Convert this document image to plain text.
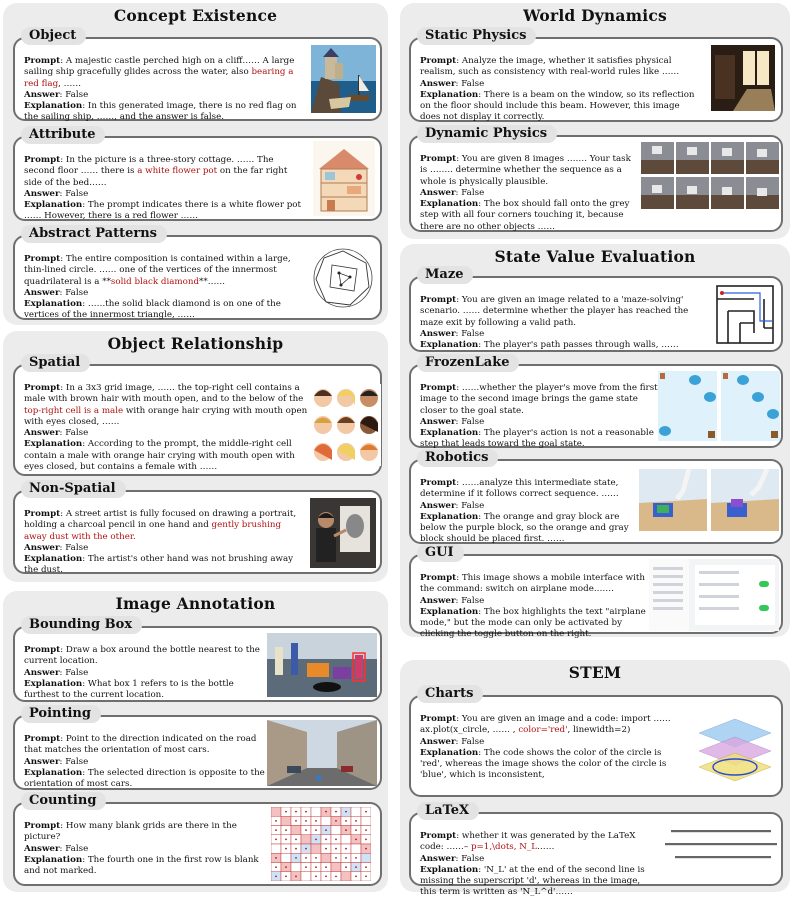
Concept Existence
Object
Prompt: A majestic castle perched high on a cliff…… A large sailing ship gracefully glides across the water, also bearing a red flag, ……
Answer: False
Explanation: In this generated image, there is no red flag on the sailing ship, ……, and the answer is false.
Attribute
Prompt: In the picture is a three-story cottage. …… The second floor …… there is a white flower pot on the far right side of the bed……
Answer: False
Explanation: The prompt indicates there is a white flower pot …… However, there is a red flower ……
Abstract Patterns
Prompt: The entire composition is contained within a large, thin-lined circle. …… one of the vertices of the innermost quadrilateral is a **solid black diamond**……
Answer: False
Explanation: ……the solid black diamond is on one of the vertices of the innermost triangle, ……
Object Relationship
Spatial
Prompt: In a 3x3 grid image, …… the top-right cell contains a male with brown hair with mouth open, and to the below of the top-right cell is a male with orange hair crying with mouth open with eyes closed, ……
Answer: False
Explanation: According to the prompt, the middle-right cell contain a male with orange hair crying with mouth open with eyes closed, but contains a female with ……
Non-Spatial
Prompt: A street artist is fully focused on drawing a portrait, holding a charcoal pencil in one hand and gently brushing away dust with the other.
Answer: False
Explanation: The artist's other hand was not brushing away the dust.
Image Annotation
Bounding Box
Prompt: Draw a box around the bottle nearest to the current location.
Answer: False
Explanation: What box 1 refers to is the bottle furthest to the current location.
Pointing
Prompt: Point to the direction indicated on the road that matches the orientation of most cars.
Answer: False
Explanation: The selected direction is opposite to the orientation of most cars.
Counting
Prompt: How many blank grids are there in the picture?
Answer: False
Explanation: The fourth one in the first row is blank and not marked.
World Dynamics
Static Physics
Prompt: Analyze the image, whether it satisfies physical realism, such as consistency with real-world rules like ……
Answer: False
Explanation: There is a beam on the window, so its reflection on the floor should include this beam. However, this image does not display it correctly.
Dynamic Physics
Prompt: You are given 8 images ……. Your task is …….. determine whether the sequence as a whole is physically plausible.
Answer: False
Explanation: The box should fall onto the grey step with all four corners touching it, because there are no other objects ……
State Value Evaluation
Maze
Prompt: You are given an image related to a 'maze-solving' scenario. …… determine whether the player has reached the maze exit by following a valid path.
Answer: False
Explanation: The player's path passes through walls, ……
FrozenLake
Prompt: ……whether the player's move from the first image to the second image brings the game state closer to the goal state.
Answer: False
Explanation: The player's action is not a reasonable step that leads toward the goal state.
Robotics
Prompt: ……analyze this intermediate state, determine if it follows correct sequence. ……
Answer: False
Explanation: The orange and gray block are below the purple block, so the orange and gray block should be placed first. ……
GUI
Prompt: This image shows a mobile interface with the command: switch on airplane mode.……
Answer: False
Explanation: The box highlights the text "airplane mode," but the mode can only be activated by clicking the toggle button on the right.
STEM
Charts
Prompt: You are given an image and a code: import …… ax.plot(x_circle, …… , color='red', linewidth=2)
Answer: False
Explanation: The code shows the color of the circle is 'red', whereas the image shows the color of the circle is 'blue', which is inconsistent,
LaTeX
Prompt: whether it was generated by the LaTeX code: ……– p=1,\dots, N_L……
Answer: False
Explanation: 'N_L' at the end of the second line is missing the superscript 'd', whereas in the image, this term is written as 'N_L^d'……
